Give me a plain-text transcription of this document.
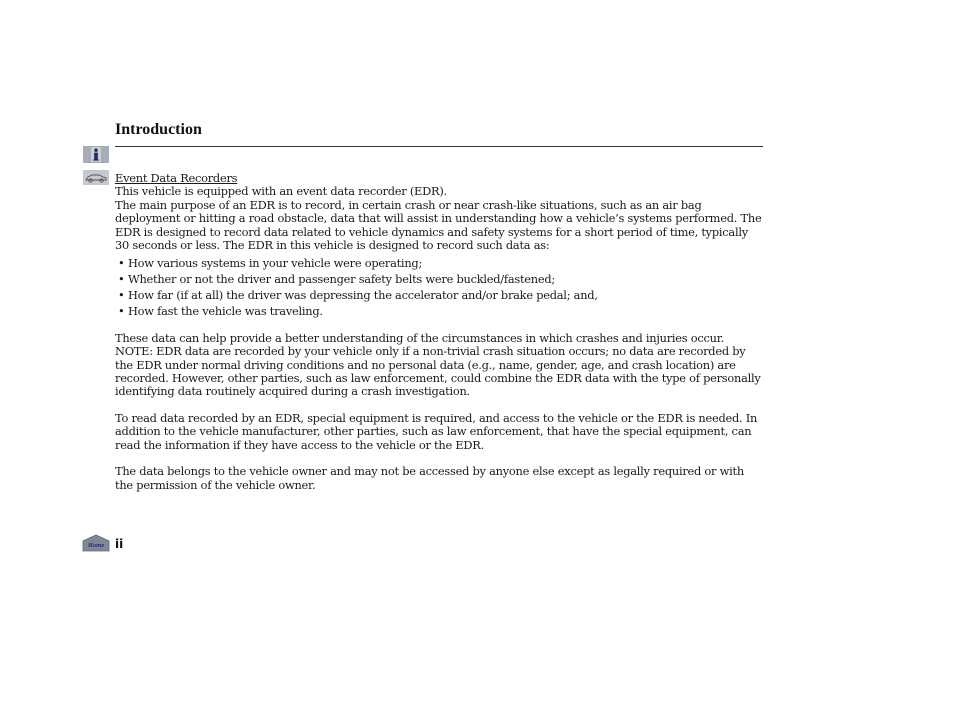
Introduction
Event Data Recorders

This vehicle is equipped with an event data recorder (EDR).

The main purpose of an EDR is to record, in certain crash or near crash-like situations, such as an air bag deployment or hitting a road obstacle, data that will assist in understanding how a vehicle’s systems performed. The EDR is designed to record data related to vehicle dynamics and safety systems for a short period of time, typically 30 seconds or less. The EDR in this vehicle is designed to record such data as:

• How various systems in your vehicle were operating;
• Whether or not the driver and passenger safety belts were buckled/fastened;
• How far (if at all) the driver was depressing the accelerator and/or brake pedal; and,
• How fast the vehicle was traveling.

These data can help provide a better understanding of the circumstances in which crashes and injuries occur. NOTE: EDR data are recorded by your vehicle only if a non-trivial crash situation occurs; no data are recorded by the EDR under normal driving conditions and no personal data (e.g., name, gender, age, and crash location) are recorded. However, other parties, such as law enforcement, could combine the EDR data with the type of personally identifying data routinely acquired during a crash investigation.

To read data recorded by an EDR, special equipment is required, and access to the vehicle or the EDR is needed. In addition to the vehicle manufacturer, other parties, such as law enforcement, that have the special equipment, can read the information if they have access to the vehicle or the EDR.

The data belongs to the vehicle owner and may not be accessed by anyone else except as legally required or with the permission of the vehicle owner.

Home ii
